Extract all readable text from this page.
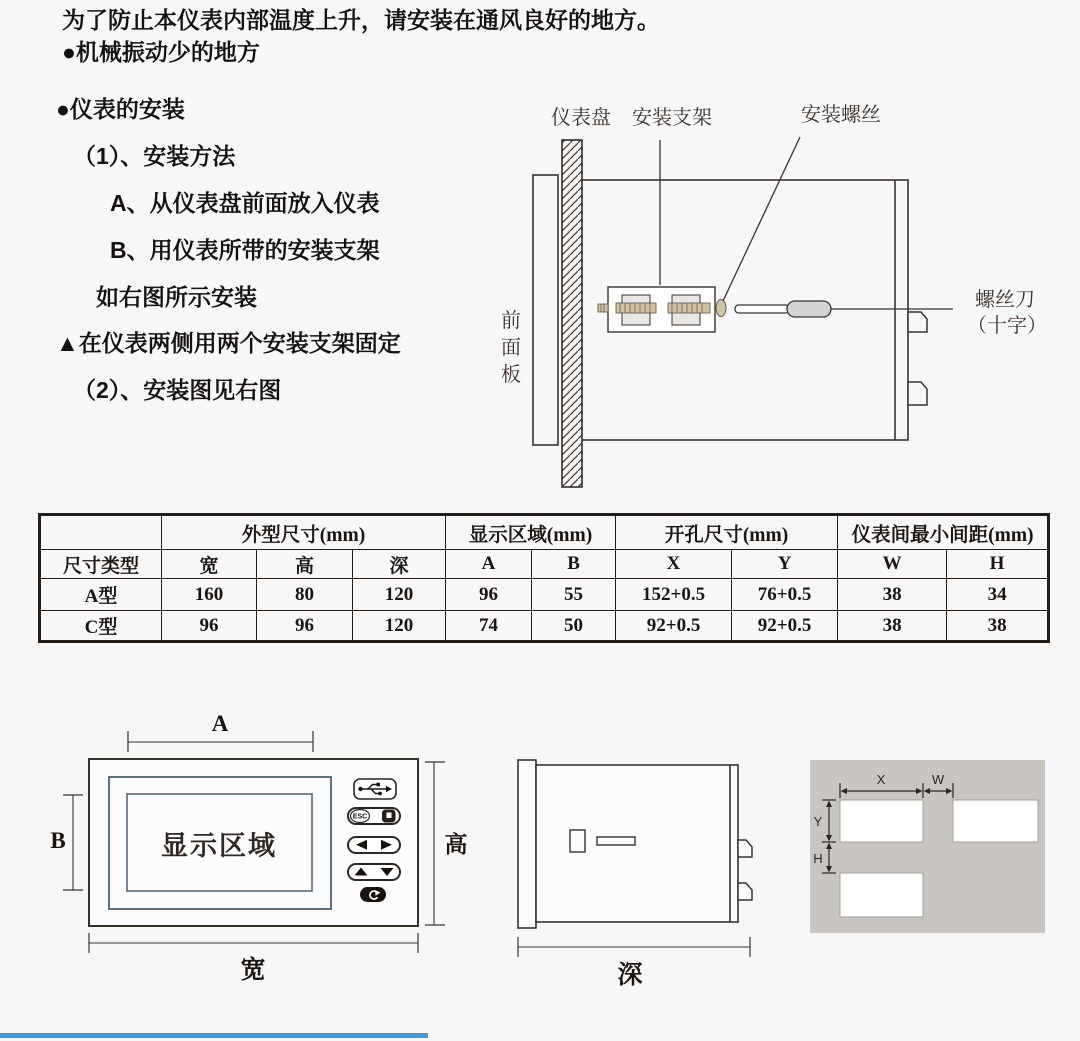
为了防止本仪表内部温度上升，请安装在通风良好的地方。
●机械振动少的地方
●仪表的安装
（1）、安装方法
A、从仪表盘前面放入仪表
B、用仪表所带的安装支架
如右图所示安装
▲在仪表两侧用两个安装支架固定
（2）、安装图见右图
仪表盘 安装支架	安装螺丝
前
面
板
螺丝刀
（十字）
	外型尺寸(mm)			显示区域(mm)		开孔尺寸(mm)		仪表间最小间距(mm)	
尺寸类型	宽	高	深	A	B	X	Y	W	H
A型	160	80	120	96	55	152+0.5	76+0.5	38	34
C型	96	96	120	74	50	92+0.5	92+0.5	38	38
A
显示区域
B	高
宽
ESC
深
X	W
Y
H
